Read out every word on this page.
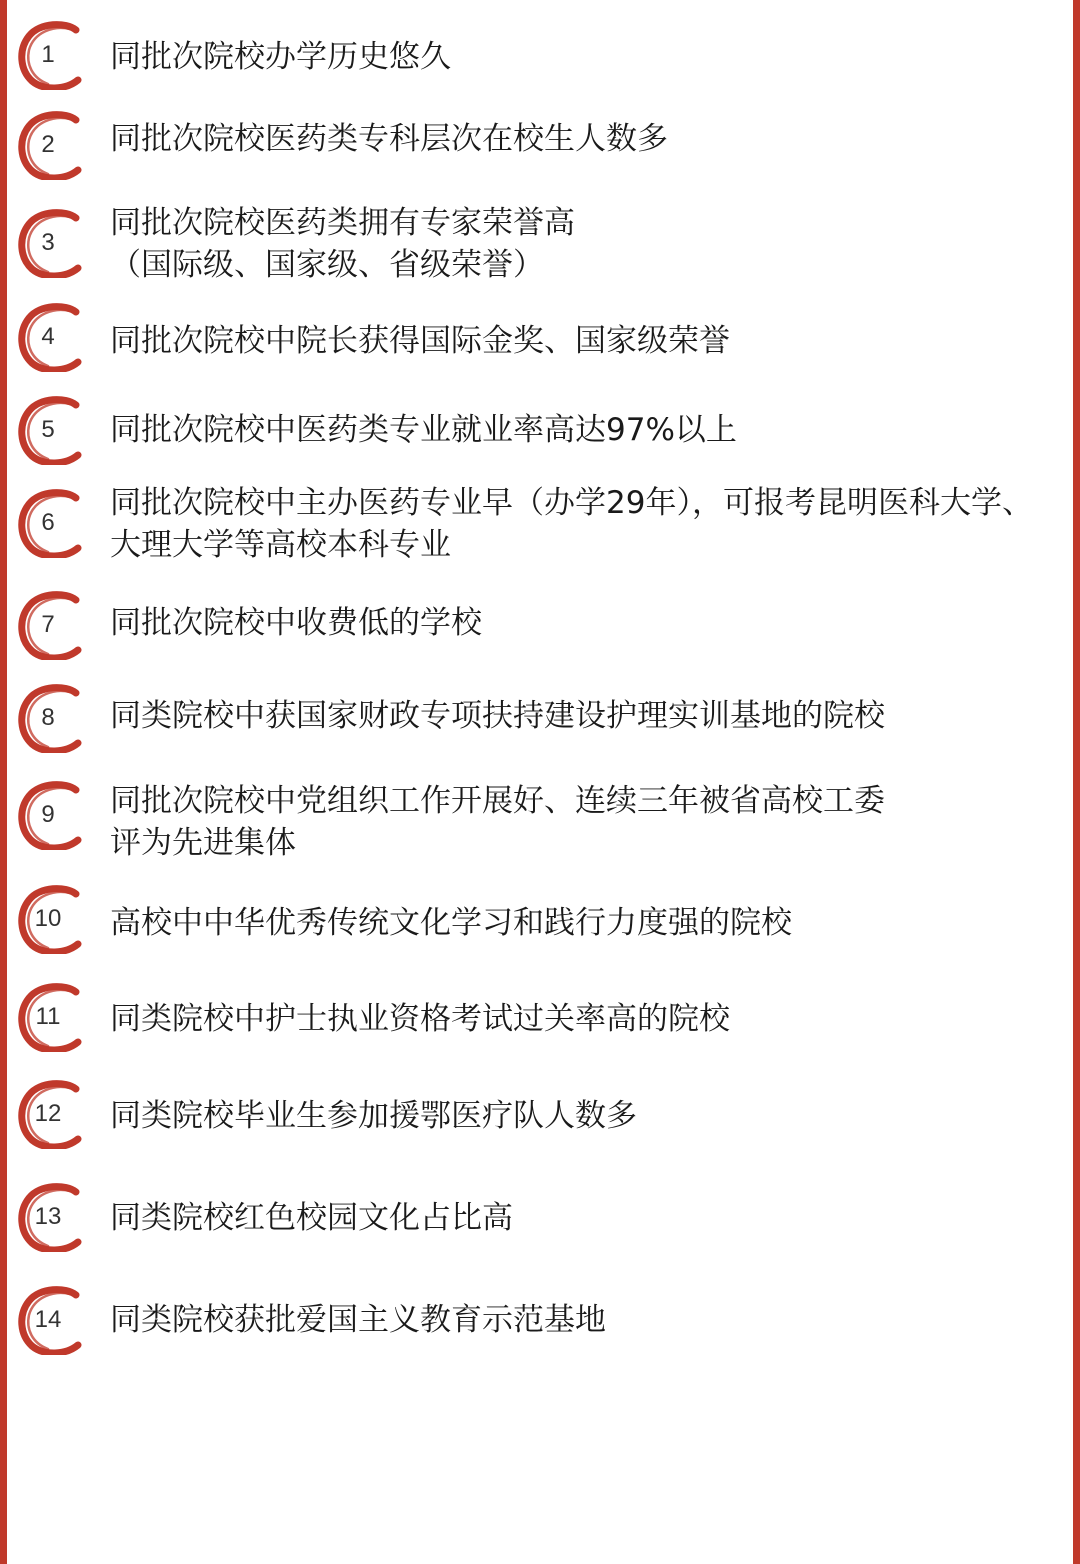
1	同批次院校办学历史悠久
2	同批次院校医药类专科层次在校生人数多
3
同批次院校医药类拥有专家荣誉高
（国际级、国家级、省级荣誉）
4	同批次院校中院长获得国际金奖、国家级荣誉
5	同批次院校中医药类专业就业率高达97%以上
6
同批次院校中主办医药专业早（办学29年），可报考昆明医科大学、
大理大学等高校本科专业
7	同批次院校中收费低的学校
8	同类院校中获国家财政专项扶持建设护理实训基地的院校
9	同批次院校中党组织工作开展好、连续三年被省高校工委
评为先进集体
10	高校中中华优秀传统文化学习和践行力度强的院校
11	同类院校中护士执业资格考试过关率高的院校
12	同类院校毕业生参加援鄂医疗队人数多
13	同类院校红色校园文化占比高
14	同类院校获批爱国主义教育示范基地
